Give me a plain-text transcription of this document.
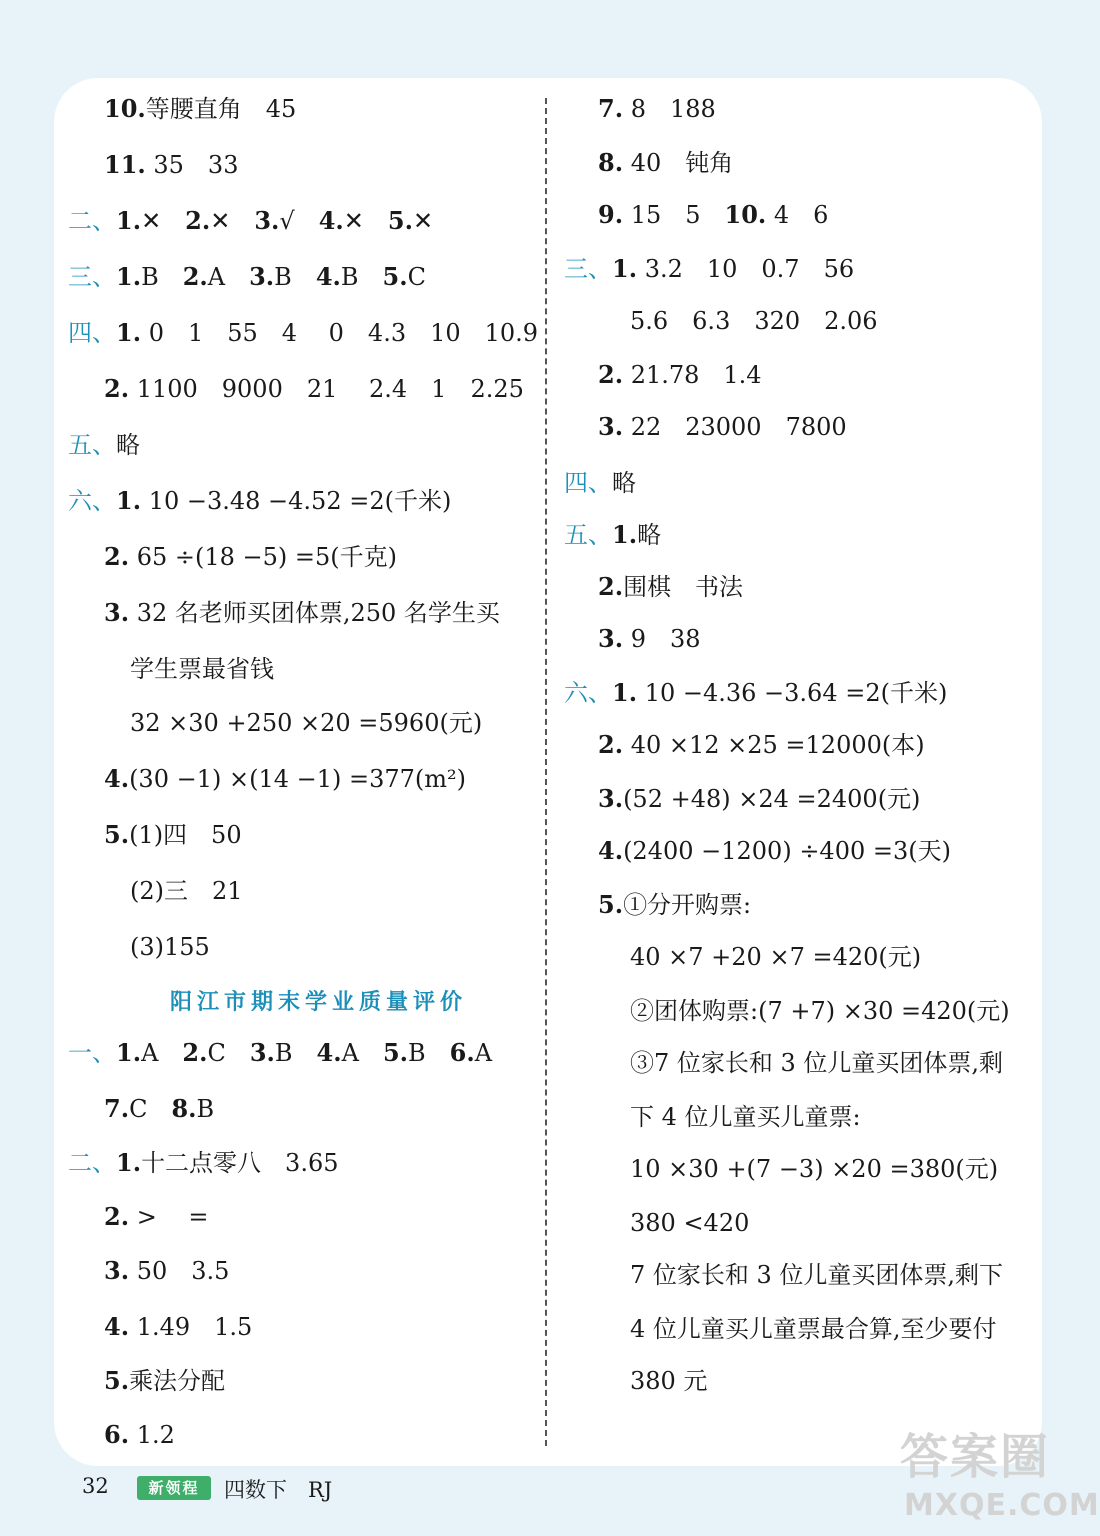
10.等腰直角　45
11. 35　33
二、1.✕　2.✕　3.√　4.✕　5.✕
三、1.B　2.A　3.B　4.B　5.C
四、1. 0　1　55　4　 0　4.3　10　10.9
2. 1100　9000　21　 2.4　1　2.25
五、略
六、1. 10 −3.48 −4.52 =2(千米)
2. 65 ÷(18 −5) =5(千克)
3. 32 名老师买团体票,250 名学生买
学生票最省钱
32 ×30 +250 ×20 =5960(元)
4.(30 −1) ×(14 −1) =377(m²)
5.(1)四　50
(2)三　21
(3)155
阳江市期末学业质量评价
一、1.A　2.C　3.B　4.A　5.B　6.A
7.C　8.B
二、1.十二点零八　3.65
2. >　 =
3. 50　3.5
4. 1.49　1.5
5.乘法分配
6. 1.2
7. 8　188
8. 40　钝角
9. 15　5　10. 4　6
三、1. 3.2　10　0.7　56
5.6　6.3　320　2.06
2. 21.78　1.4
3. 22　23000　7800
四、略
五、1.略
2.围棋　书法
3. 9　38
六、1. 10 −4.36 −3.64 =2(千米)
2. 40 ×12 ×25 =12000(本)
3.(52 +48) ×24 =2400(元)
4.(2400 −1200) ÷400 =3(天)
5.①分开购票:
40 ×7 +20 ×7 =420(元)
②团体购票:(7 +7) ×30 =420(元)
③7 位家长和 3 位儿童买团体票,剩
下 4 位儿童买儿童票:
10 ×30 +(7 −3) ×20 =380(元)
380 <420
7 位家长和 3 位儿童买团体票,剩下
4 位儿童买儿童票最合算,至少要付
380 元
32	新领程	四数下　RJ
答案圈
MXQE.COM
